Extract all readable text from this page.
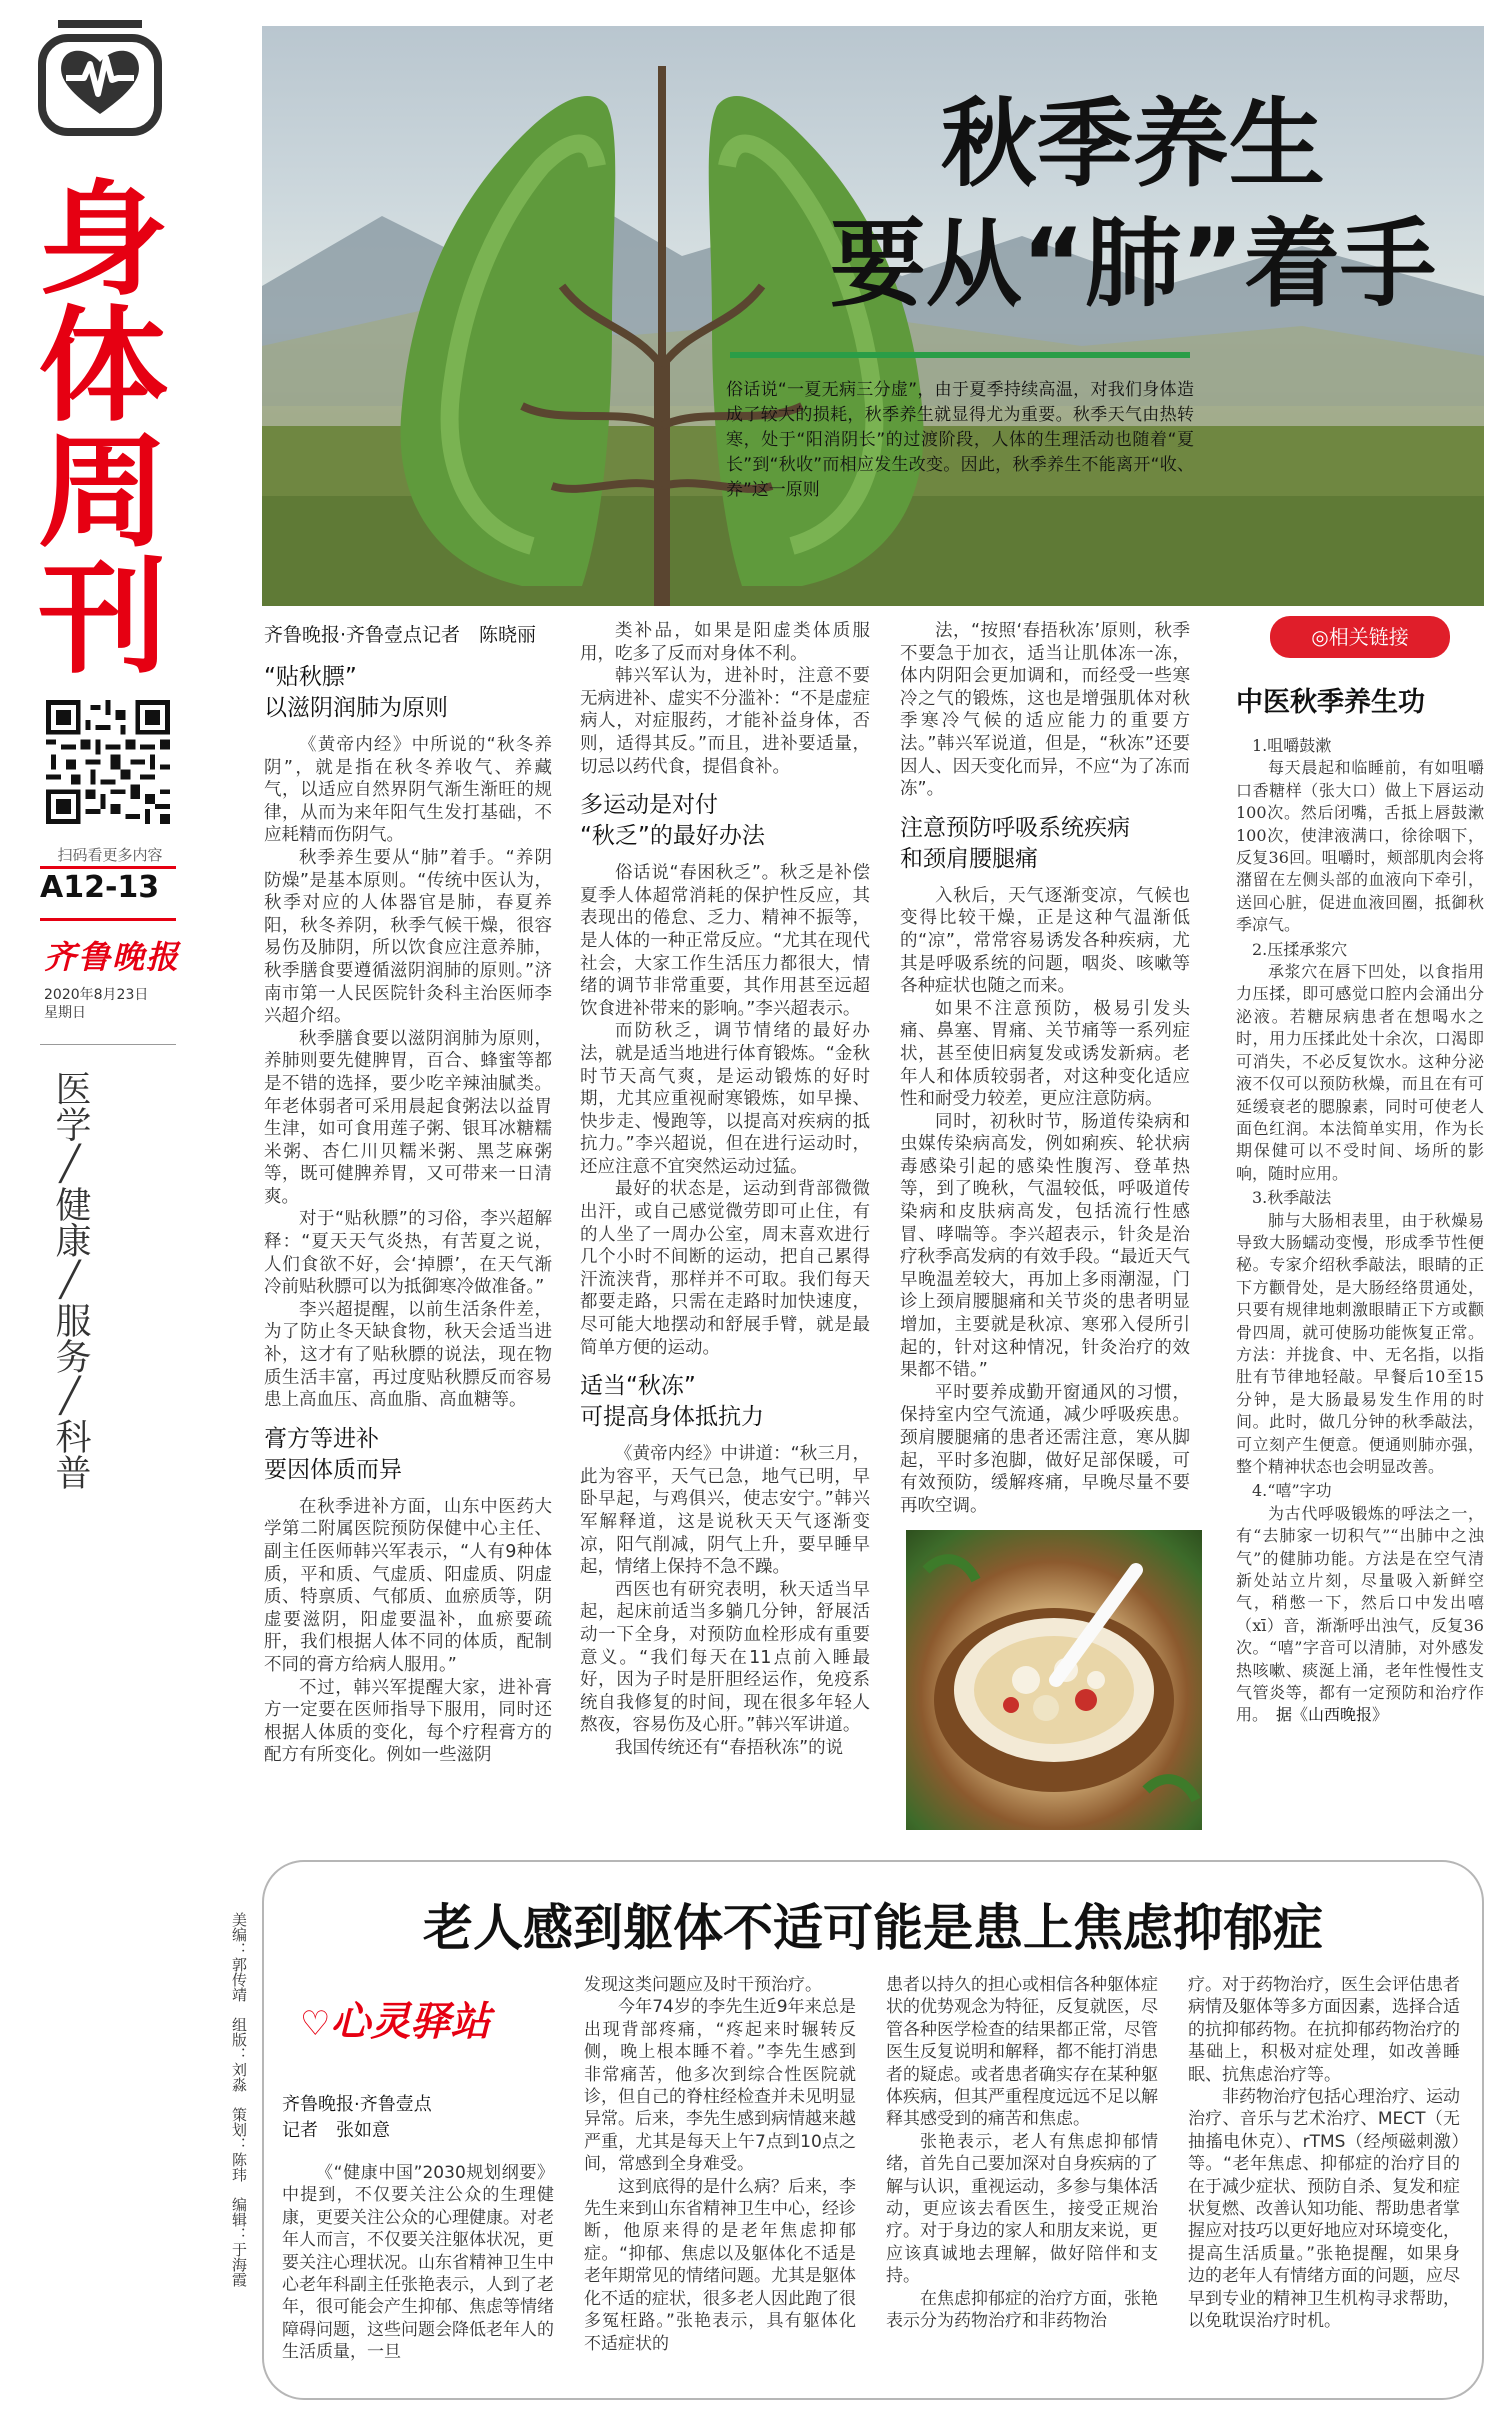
身
体
周
刊
扫码看更多内容
A12-13
齐鲁晚报
2020年8月23日
星期日
医学
╱
健康
╱
服务
╱
科普
秋季养生
要从“肺”着手
俗话说“一夏无病三分虚”，由于夏季持续高温，对我们身体造成了较大的损耗，秋季养生就显得尤为重要。秋季天气由热转寒，处于“阳消阴长”的过渡阶段，人体的生理活动也随着“夏长”到“秋收”而相应发生改变。因此，秋季养生不能离开“收、养”这一原则
齐鲁晚报·齐鲁壹点记者　陈晓丽
“贴秋膘”
以滋阴润肺为原则

《黄帝内经》中所说的“秋冬养阴”，就是指在秋冬养收气、养藏气，以适应自然界阴气渐生渐旺的规律，从而为来年阳气生发打基础，不应耗精而伤阴气。

秋季养生要从“肺”着手。“养阴防燥”是基本原则。“传统中医认为，秋季对应的人体器官是肺，春夏养阳，秋冬养阴，秋季气候干燥，很容易伤及肺阴，所以饮食应注意养肺，秋季膳食要遵循滋阴润肺的原则。”济南市第一人民医院针灸科主治医师李兴超介绍。

秋季膳食要以滋阴润肺为原则，养肺则要先健脾胃，百合、蜂蜜等都是不错的选择，要少吃辛辣油腻类。年老体弱者可采用晨起食粥法以益胃生津，如可食用莲子粥、银耳冰糖糯米粥、杏仁川贝糯米粥、黑芝麻粥等，既可健脾养胃，又可带来一日清爽。

对于“贴秋膘”的习俗，李兴超解释：“夏天天气炎热，有苦夏之说，人们食欲不好，会‘掉膘’，在天气渐冷前贴秋膘可以为抵御寒冷做准备。”

李兴超提醒，以前生活条件差，为了防止冬天缺食物，秋天会适当进补，这才有了贴秋膘的说法，现在物质生活丰富，再过度贴秋膘反而容易患上高血压、高血脂、高血糖等。

膏方等进补
要因体质而异

在秋季进补方面，山东中医药大学第二附属医院预防保健中心主任、副主任医师韩兴军表示，“人有9种体质，平和质、气虚质、阳虚质、阴虚质、特禀质、气郁质、血瘀质等，阴虚要滋阴，阳虚要温补，血瘀要疏肝，我们根据人体不同的体质，配制不同的膏方给病人服用。”

不过，韩兴军提醒大家，进补膏方一定要在医师指导下服用，同时还根据人体质的变化，每个疗程膏方的配方有所变化。例如一些滋阴

类补品，如果是阳虚类体质服用，吃多了反而对身体不利。

韩兴军认为，进补时，注意不要无病进补、虚实不分滥补：“不是虚症病人，对症服药，才能补益身体，否则，适得其反。”而且，进补要适量，切忌以药代食，提倡食补。

多运动是对付
“秋乏”的最好办法

俗话说“春困秋乏”。秋乏是补偿夏季人体超常消耗的保护性反应，其表现出的倦怠、乏力、精神不振等，是人体的一种正常反应。“尤其在现代社会，大家工作生活压力都很大，情绪的调节非常重要，其作用甚至远超饮食进补带来的影响。”李兴超表示。

而防秋乏，调节情绪的最好办法，就是适当地进行体育锻炼。“金秋时节天高气爽，是运动锻炼的好时期，尤其应重视耐寒锻炼，如早操、快步走、慢跑等，以提高对疾病的抵抗力。”李兴超说，但在进行运动时，还应注意不宜突然运动过猛。

最好的状态是，运动到背部微微出汗，或自己感觉微劳即可止住，有的人坐了一周办公室，周末喜欢进行几个小时不间断的运动，把自己累得汗流浃背，那样并不可取。我们每天都要走路，只需在走路时加快速度，尽可能大地摆动和舒展手臂，就是最简单方便的运动。

适当“秋冻”
可提高身体抵抗力

《黄帝内经》中讲道：“秋三月，此为容平，天气已急，地气已明，早卧早起，与鸡俱兴，使志安宁。”韩兴军解释道，这是说秋天天气逐渐变凉，阳气削减，阴气上升，要早睡早起，情绪上保持不急不躁。

西医也有研究表明，秋天适当早起，起床前适当多躺几分钟，舒展活动一下全身，对预防血栓形成有重要意义。“我们每天在11点前入睡最好，因为子时是肝胆经运作，免疫系统自我修复的时间，现在很多年轻人熬夜，容易伤及心肝。”韩兴军讲道。

我国传统还有“春捂秋冻”的说

法，“按照‘春捂秋冻’原则，秋季不要急于加衣，适当让肌体冻一冻，体内阴阳会更加调和，而经受一些寒冷之气的锻炼，这也是增强肌体对秋季寒冷气候的适应能力的重要方法。”韩兴军说道，但是，“秋冻”还要因人、因天变化而异，不应“为了冻而冻”。

注意预防呼吸系统疾病
和颈肩腰腿痛

入秋后，天气逐渐变凉，气候也变得比较干燥，正是这种气温渐低的“凉”，常常容易诱发各种疾病，尤其是呼吸系统的问题，咽炎、咳嗽等各种症状也随之而来。

如果不注意预防，极易引发头痛、鼻塞、胃痛、关节痛等一系列症状，甚至使旧病复发或诱发新病。老年人和体质较弱者，对这种变化适应性和耐受力较差，更应注意防病。

同时，初秋时节，肠道传染病和虫媒传染病高发，例如痢疾、轮状病毒感染引起的感染性腹泻、登革热等，到了晚秋，气温较低，呼吸道传染病和皮肤病高发，包括流行性感冒、哮喘等。李兴超表示，针灸是治疗秋季高发病的有效手段。“最近天气早晚温差较大，再加上多雨潮湿，门诊上颈肩腰腿痛和关节炎的患者明显增加，主要就是秋凉、寒邪入侵所引起的，针对这种情况，针灸治疗的效果都不错。”

平时要养成勤开窗通风的习惯，保持室内空气流通，减少呼吸疾患。颈肩腰腿痛的患者还需注意，寒从脚起，平时多泡脚，做好足部保暖，可有效预防，缓解疼痛，早晚尽量不要再吹空调。

◎相关链接
中医秋季养生功

1.咀嚼鼓漱

每天晨起和临睡前，有如咀嚼口香糖样（张大口）做上下唇运动100次。然后闭嘴，舌抵上唇鼓漱100次，使津液满口，徐徐咽下，反复36回。咀嚼时，颊部肌肉会将潴留在左侧头部的血液向下牵引，送回心脏，促进血液回圈，抵御秋季凉气。

2.压揉承浆穴

承浆穴在唇下凹处，以食指用力压揉，即可感觉口腔内会涌出分泌液。若糖尿病患者在想喝水之时，用力压揉此处十余次，口渴即可消失，不必反复饮水。这种分泌液不仅可以预防秋燥，而且在有可延缓衰老的腮腺素，同时可使老人面色红润。本法简单实用，作为长期保健可以不受时间、场所的影响，随时应用。

3.秋季敲法

肺与大肠相表里，由于秋燥易导致大肠蠕动变慢，形成季节性便秘。专家介绍秋季敲法，眼睛的正下方颧骨处，是大肠经络贯通处，只要有规律地刺激眼睛正下方或颧骨四周，就可使肠功能恢复正常。方法：并拢食、中、无名指，以指肚有节律地轻敲。早餐后10至15分钟，是大肠最易发生作用的时间。此时，做几分钟的秋季敲法，可立刻产生便意。便通则肺亦强，整个精神状态也会明显改善。

4.“嘻”字功

为古代呼吸锻炼的呼法之一，有“去肺家一切积气”“出肺中之浊气”的健肺功能。方法是在空气清新处站立片刻，尽量吸入新鲜空气，稍憋一下，然后口中发出嘻（xī）音，渐渐呼出浊气，反复36次。“嘻”字音可以清肺，对外感发热咳嗽、痰涎上涌，老年性慢性支气管炎等，都有一定预防和治疗作用。　 据《山西晚报》

老人感到躯体不适可能是患上焦虑抑郁症
美编：郭传靖　组版：刘淼　策划：陈玮　编辑：于海霞 ♡心灵驿站
齐鲁晚报·齐鲁壹点
记者　张如意

《“健康中国”2030规划纲要》中提到，不仅要关注公众的生理健康，更要关注公众的心理健康。对老年人而言，不仅要关注躯体状况，更要关注心理状况。山东省精神卫生中心老年科副主任张艳表示，人到了老年，很可能会产生抑郁、焦虑等情绪障碍问题，这些问题会降低老年人的生活质量，一旦

发现这类问题应及时干预治疗。

今年74岁的李先生近9年来总是出现背部疼痛，“疼起来时辗转反侧，晚上根本睡不着。”李先生感到非常痛苦，他多次到综合性医院就诊，但自己的脊柱经检查并未见明显异常。后来，李先生感到病情越来越严重，尤其是每天上午7点到10点之间，常感到全身难受。

这到底得的是什么病？后来，李先生来到山东省精神卫生中心，经诊断，他原来得的是老年焦虑抑郁症。“抑郁、焦虑以及躯体化不适是老年期常见的情绪问题。尤其是躯体化不适的症状，很多老人因此跑了很多冤枉路。”张艳表示，具有躯体化不适症状的

患者以持久的担心或相信各种躯体症状的优势观念为特征，反复就医，尽管各种医学检查的结果都正常，尽管医生反复说明和解释，都不能打消患者的疑虑。或者患者确实存在某种躯体疾病，但其严重程度远远不足以解释其感受到的痛苦和焦虑。

张艳表示，老人有焦虑抑郁情绪，首先自己要加深对自身疾病的了解与认识，重视运动，多参与集体活动，更应该去看医生，接受正规治疗。对于身边的家人和朋友来说，更应该真诚地去理解，做好陪伴和支持。

在焦虑抑郁症的治疗方面，张艳表示分为药物治疗和非药物治

疗。对于药物治疗，医生会评估患者病情及躯体等多方面因素，选择合适的抗抑郁药物。在抗抑郁药物治疗的基础上，积极对症处理，如改善睡眠、抗焦虑治疗等。

非药物治疗包括心理治疗、运动治疗、音乐与艺术治疗、MECT（无抽搐电休克）、rTMS（经颅磁刺激）等。“老年焦虑、抑郁症的治疗目的在于减少症状、预防自杀、复发和症状复燃、改善认知功能、帮助患者掌握应对技巧以更好地应对环境变化，提高生活质量。”张艳提醒，如果身边的老年人有情绪方面的问题，应尽早到专业的精神卫生机构寻求帮助，以免耽误治疗时机。
